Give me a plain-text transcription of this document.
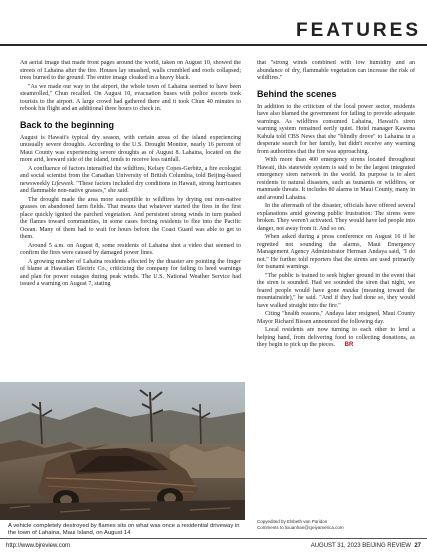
FEATURES

An aerial image that made front pages around the world, taken on August 10, showed the streets of Lahaina after the fire. Houses lay smashed, walls crumbled and roofs collapsed; trees burned to the ground. The entire image cloaked in a heavy black.

"As we made our way to the airport, the whole town of Lahaina seemed to have been steamrolled," Chun recalled. On August 10, evacuation buses with police escorts took tourists to the airport. A large crowd had gathered there and it took Chun 40 minutes to rebook his flight and an additional three hours to check in.

Back to the beginning

August is Hawaii's typical dry season, with certain areas of the island experiencing unusually severe droughts. According to the U.S. Drought Monitor, nearly 16 percent of Maui County was experiencing severe droughts as of August 8. Lahaina, located on the more arid, leeward side of the island, tends to receive less rainfall.

A confluence of factors intensified the wildfires, Kelsey Copes-Gerbitz, a fire ecologist and social scientist from the Canadian University of British Columbia, told Beijing-based newsweekly Lifeweek. "These factors included dry conditions in Hawaii, strong hurricanes and flammable non-native grasses," she said.

The drought made the area more susceptible to wildfires by drying out non-native grasses on abandoned farm fields. That means that whatever started the fires in the first place quickly ignited the parched vegetation. And persistent strong winds in turn pushed the flames toward communities, in some cases forcing residents to flee into the Pacific Ocean. Many of them had to wait for hours before the Coast Guard was able to get to them.

Around 5 a.m. on August 8, some residents of Lahaina shot a video that seemed to confirm the fires were caused by damaged power lines.

A growing number of Lahaina residents affected by the disaster are pointing the finger of blame at Hawaiian Electric Co., criticizing the company for failing to heed warnings and plan for power outages during peak winds. The U.S. National Weather Service had issued a warning on August 7, stating

that "strong winds combined with low humidity and an abundance of dry, flammable vegetation can increase the risk of wildfires."

Behind the scenes

In addition to the criticism of the local power sector, residents have also blamed the government for failing to provide adequate warnings. As wildfires consumed Lahaina, Hawaii's siren warning system remained eerily quiet. Hotel manager Kawena Kahula told CBS News that she "blindly drove" to Lahaina in a desperate search for her family, but didn't receive any warning from authorities that the fire was approaching.

With more than 400 emergency sirens located throughout Hawaii, this statewide system is said to be the largest integrated emergency siren network in the world. Its purpose is to alert residents to natural disasters, such as tsunamis or wildfires, or manmade threats. It includes 80 alarms in Maui County, many in and around Lahaina.

In the aftermath of the disaster, officials have offered several explanations amid growing public frustration: The sirens were broken. They weren't activated. They would have led people into danger, not away from it. And so on.

When asked during a press conference on August 16 if he regretted not sounding the alarms, Maui Emergency Management Agency Administrator Herman Andaya said, "I do not." He further told reporters that the sirens are used primarily for tsunami warnings.

"The public is trained to seek higher ground in the event that the siren is sounded. Had we sounded the siren that night, we feared people would have gone mauka (meaning toward the mountainside)," he said. "And if they had done so, they would have walked straight into the fire."

Citing "health reasons," Andaya later resigned, Maui County Mayor Richard Bissen announced the following day.

Local residents are now turning to each other to lend a helping hand, from delivering food to collecting donations, as they begin to pick up the pieces. BR

A vehicle completely destroyed by flames sits on what was once a residential driveway in the town of Lahaina, Maui Island, on August 14
Copyedited by Elsbeth van Paridon
Comments to lixuanhan@cjeiyamerica.com
http://www.bjreview.com	AUGUST 31, 2023 BEIJING REVIEW 27
